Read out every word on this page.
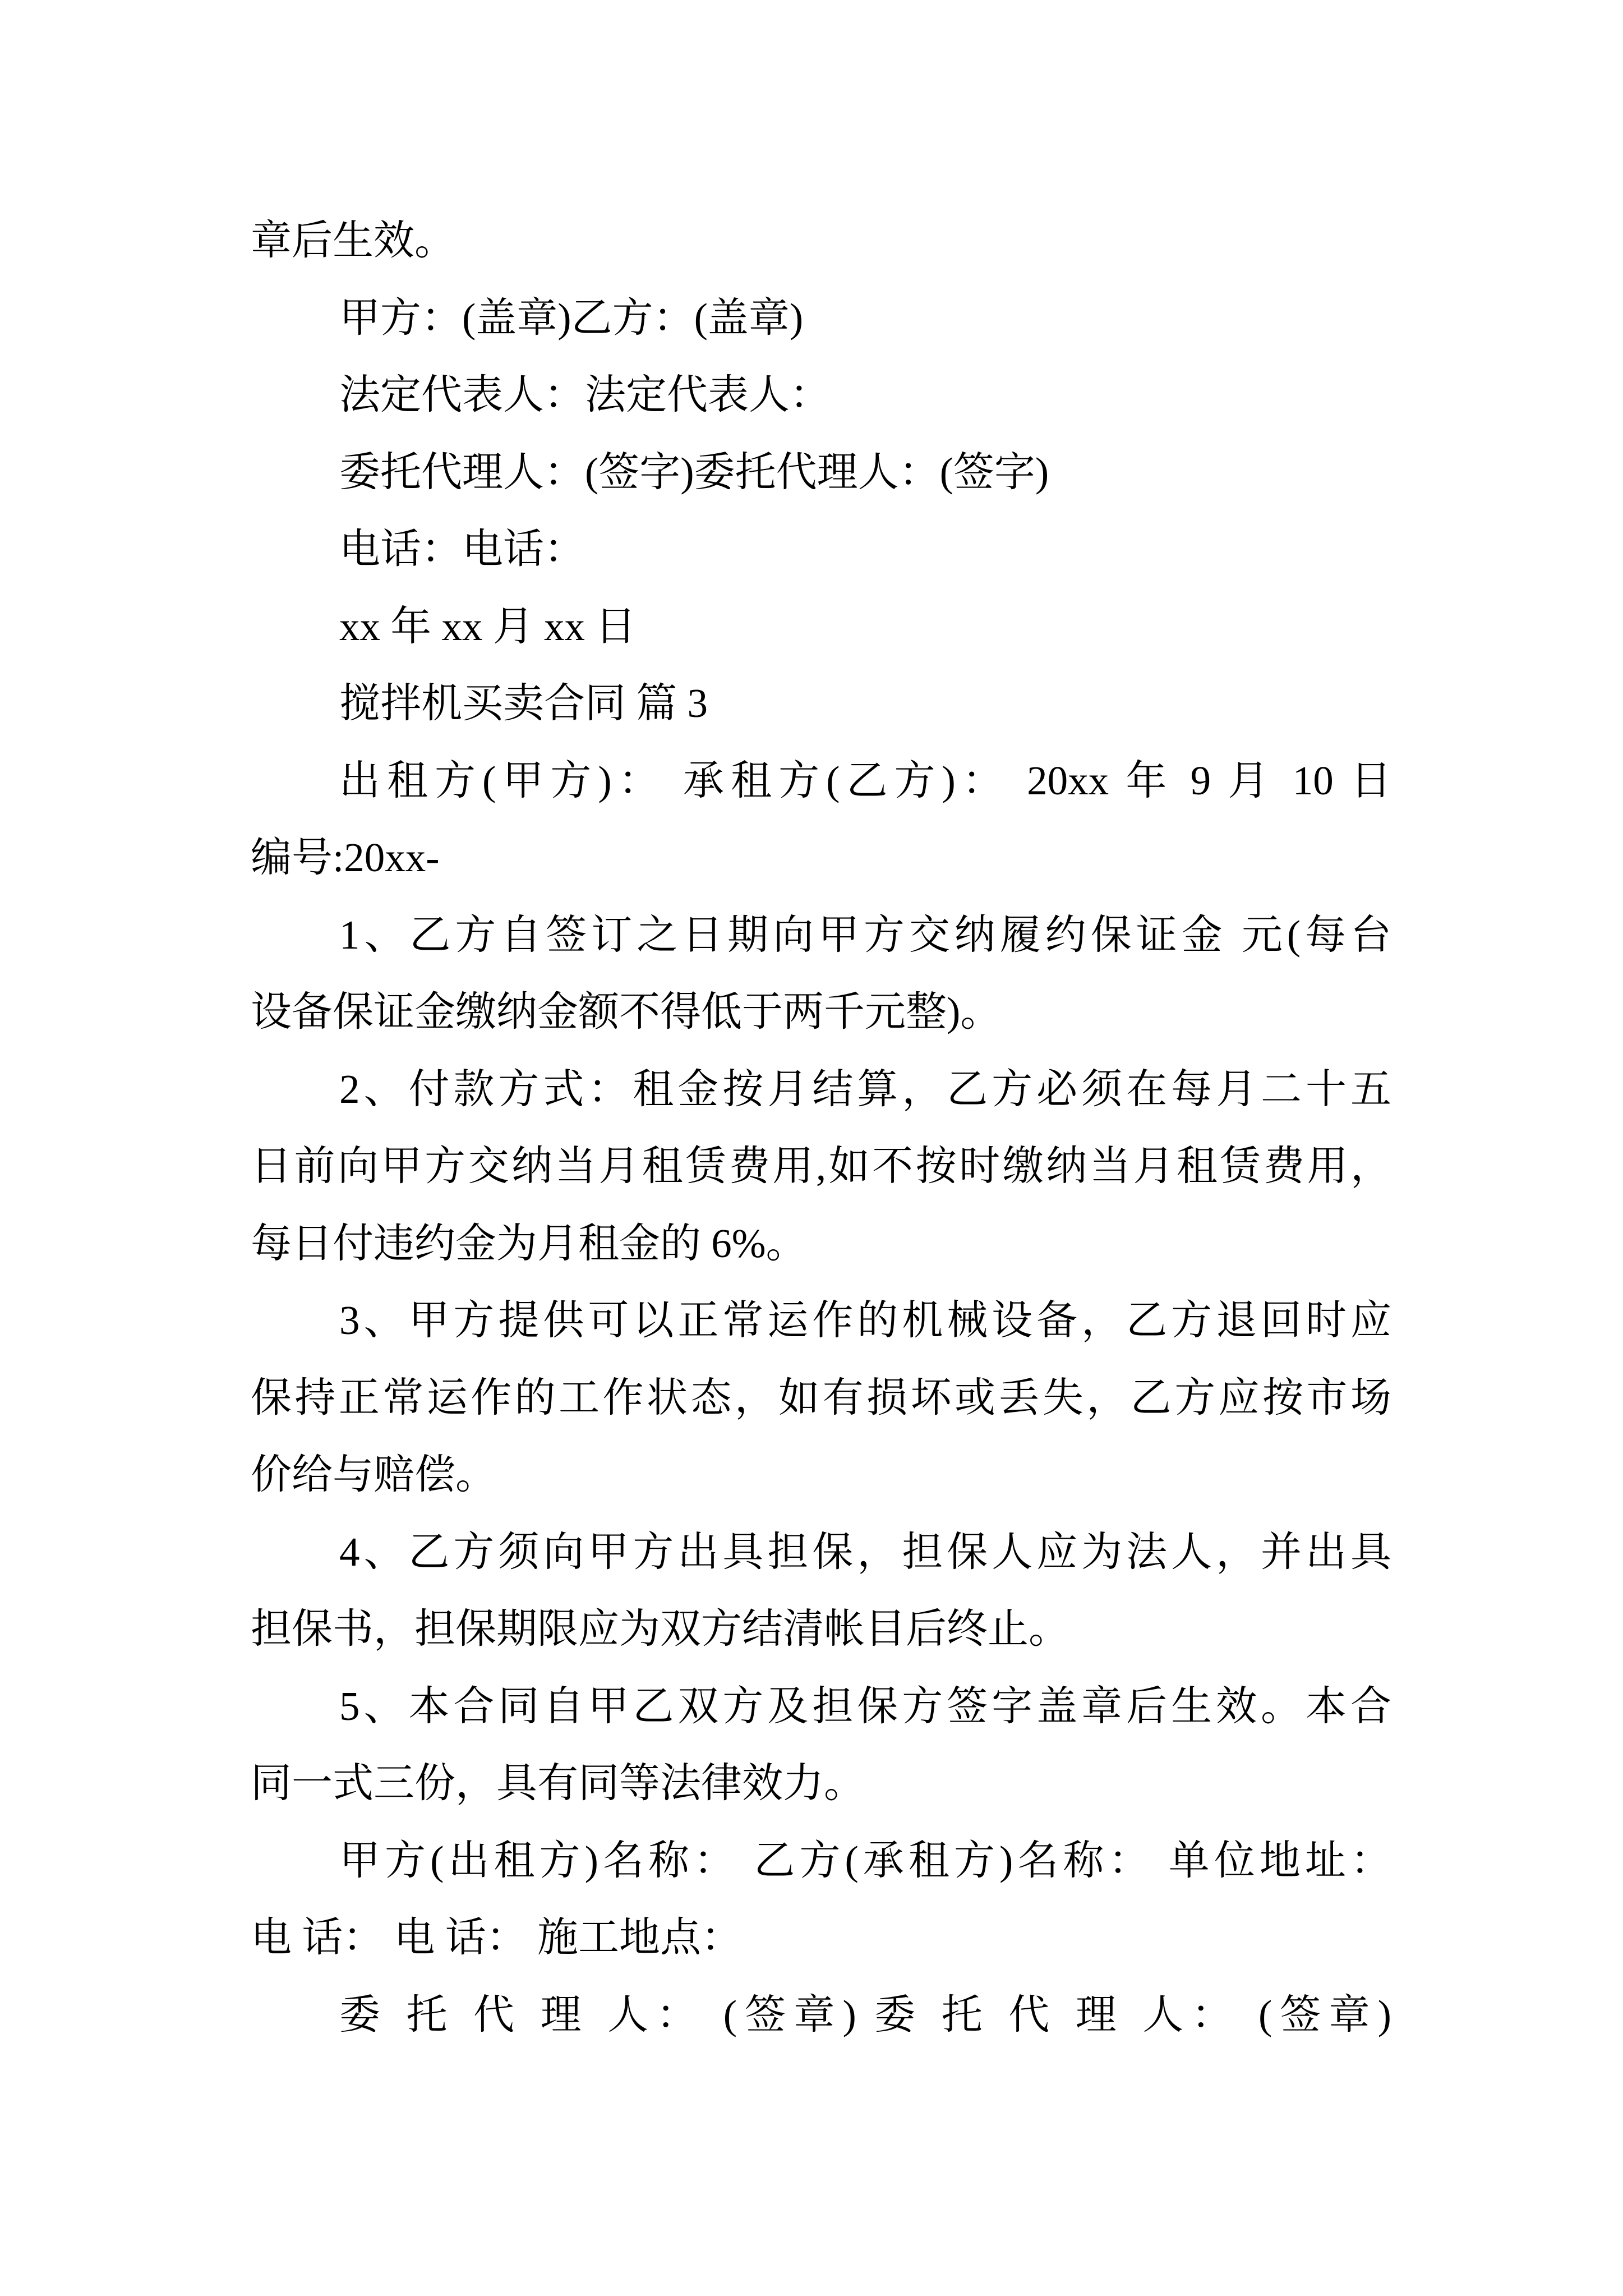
章后生效。
甲方：(盖章)乙方：(盖章)
法定代表人：法定代表人：
委托代理人：(签字)委托代理人：(签字)
电话：电话：
xx 年 xx 月 xx 日
搅拌机买卖合同 篇 3
出租方(甲方)： 承租方(乙方)： 20xx 年 9 月 10 日
编号:20xx-
1、乙方自签订之日期向甲方交纳履约保证金 元(每台
设备保证金缴纳金额不得低于两千元整)。
2、付款方式：租金按月结算，乙方必须在每月二十五
日前向甲方交纳当月租赁费用,如不按时缴纳当月租赁费用，
每日付违约金为月租金的 6%。
3、甲方提供可以正常运作的机械设备，乙方退回时应
保持正常运作的工作状态，如有损坏或丢失，乙方应按市场
价给与赔偿。
4、乙方须向甲方出具担保，担保人应为法人，并出具
担保书，担保期限应为双方结清帐目后终止。
5、本合同自甲乙双方及担保方签字盖章后生效。本合
同一式三份，具有同等法律效力。
甲方(出租方)名称： 乙方(承租方)名称： 单位地址：
电 话： 电 话： 施工地点：
委 托 代 理 人： (签章) 委 托 代 理 人： (签章)
